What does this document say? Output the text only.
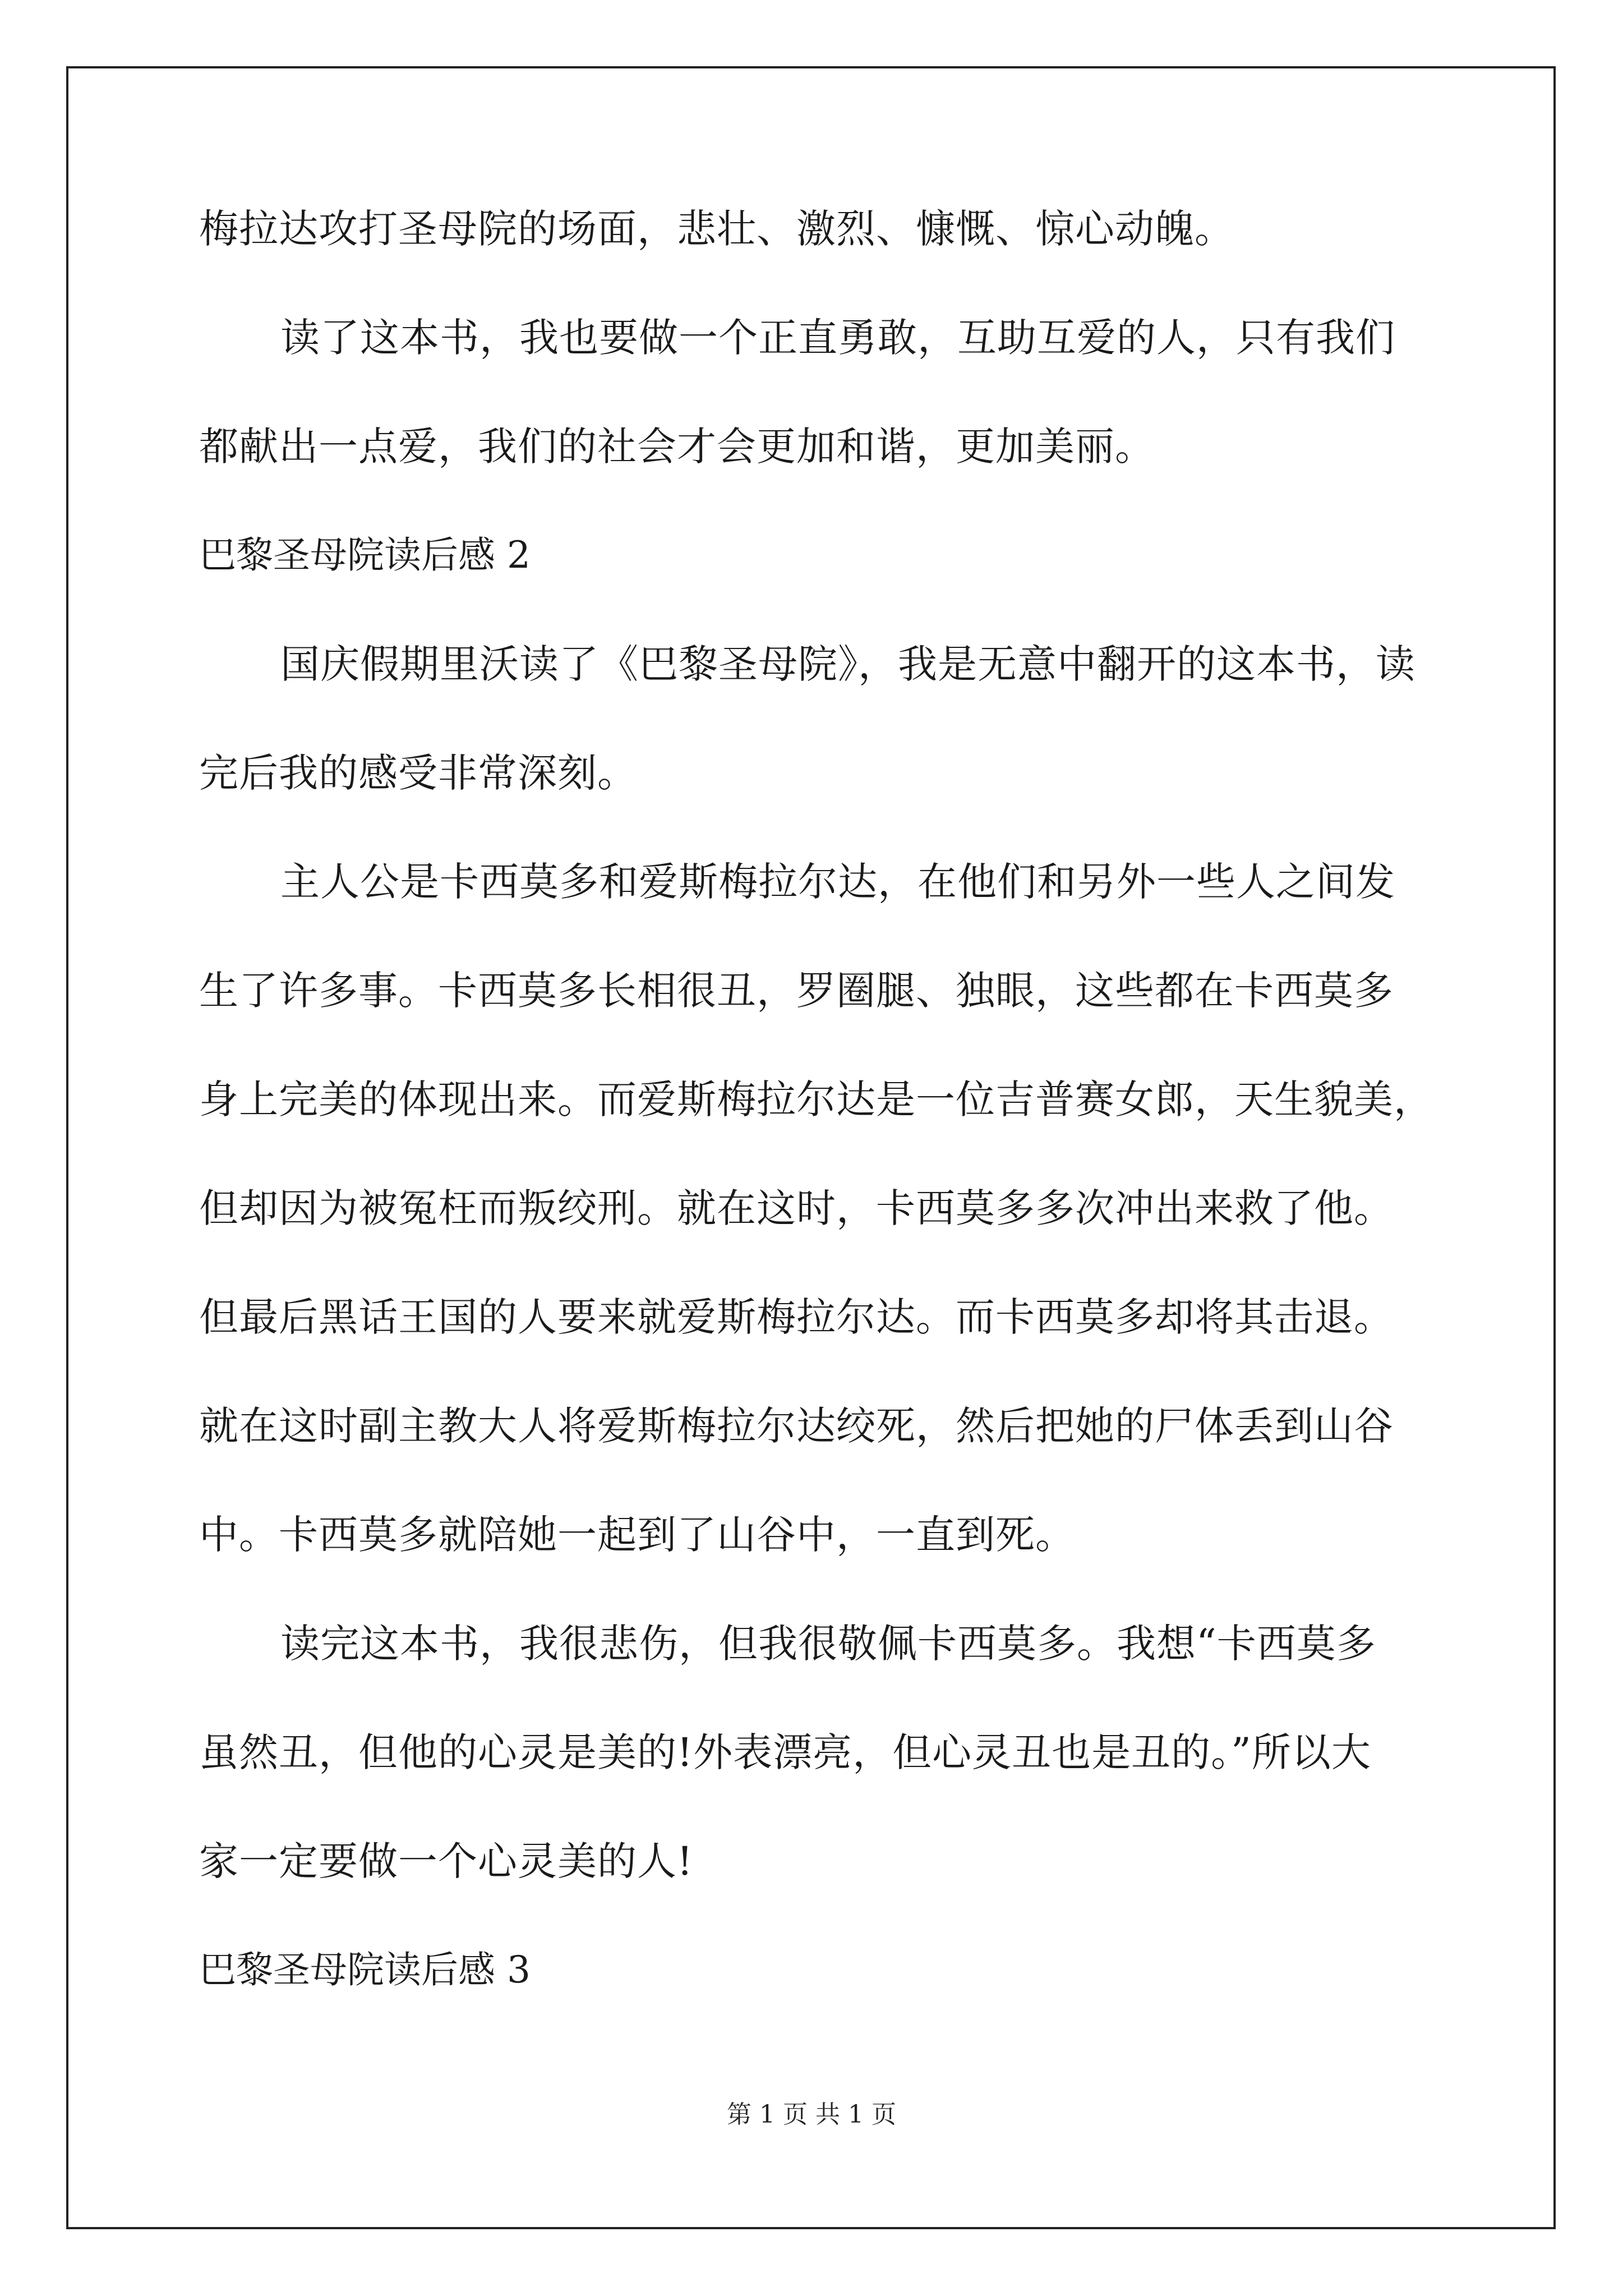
梅拉达攻打圣母院的场面，悲壮、激烈、慷慨、惊心动魄。
读了这本书，我也要做一个正直勇敢，互助互爱的人，只有我们
都献出一点爱，我们的社会才会更加和谐，更加美丽。
巴黎圣母院读后感 2
国庆假期里沃读了《巴黎圣母院》，我是无意中翻开的这本书，读
完后我的感受非常深刻。
主人公是卡西莫多和爱斯梅拉尔达，在他们和另外一些人之间发
生了许多事。卡西莫多长相很丑，罗圈腿、独眼，这些都在卡西莫多
身上完美的体现出来。而爱斯梅拉尔达是一位吉普赛女郎，天生貌美，
但却因为被冤枉而叛绞刑。就在这时，卡西莫多多次冲出来救了他。
但最后黑话王国的人要来就爱斯梅拉尔达。而卡西莫多却将其击退。
就在这时副主教大人将爱斯梅拉尔达绞死，然后把她的尸体丢到山谷
中。卡西莫多就陪她一起到了山谷中，一直到死。
读完这本书，我很悲伤，但我很敬佩卡西莫多。我想“卡西莫多
虽然丑，但他的心灵是美的!外表漂亮，但心灵丑也是丑的。”所以大
家一定要做一个心灵美的人!
巴黎圣母院读后感 3
第 1 页 共 1 页
